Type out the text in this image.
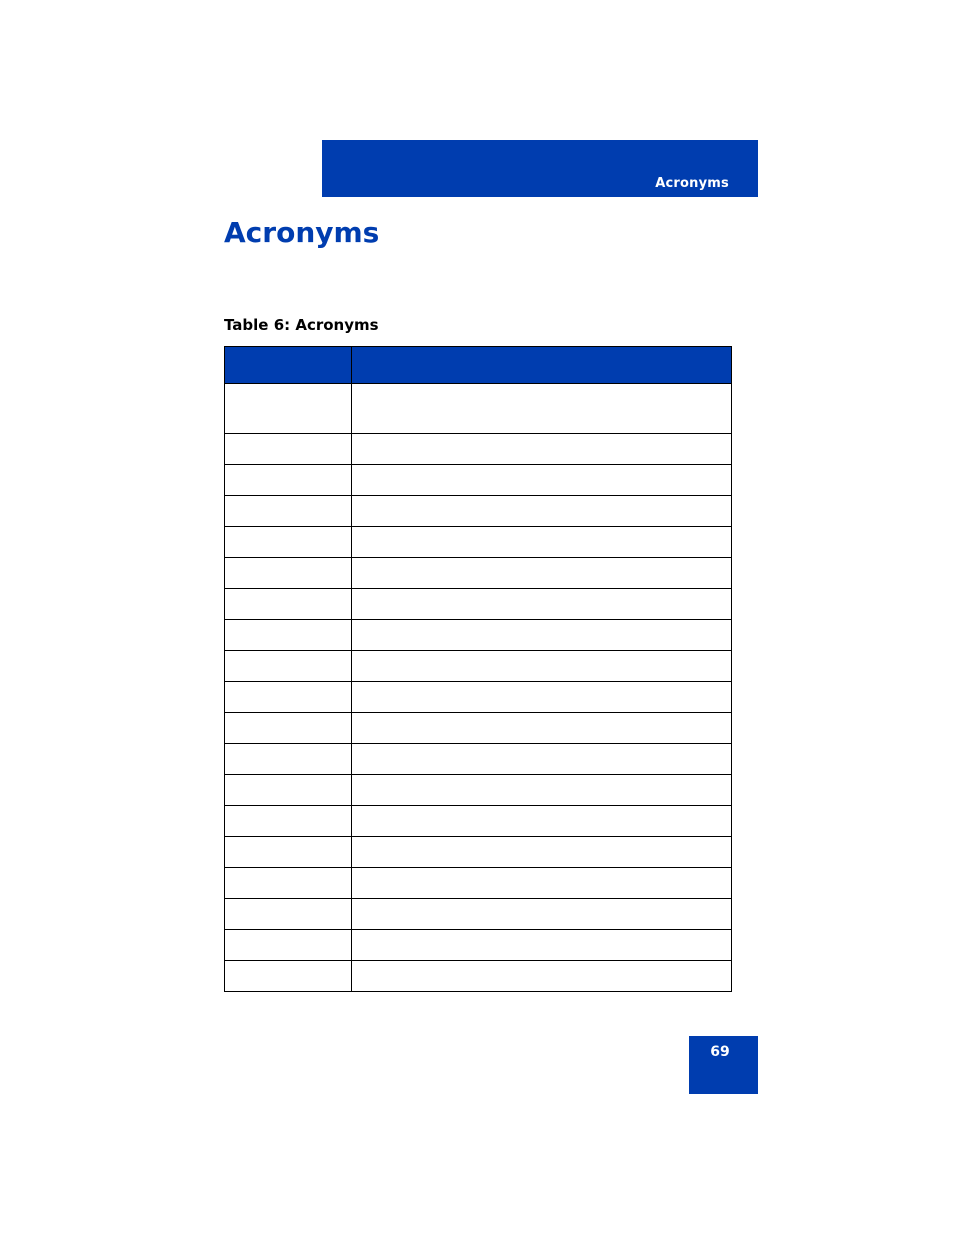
Acronyms
Acronyms
Table 6: Acronyms

69
